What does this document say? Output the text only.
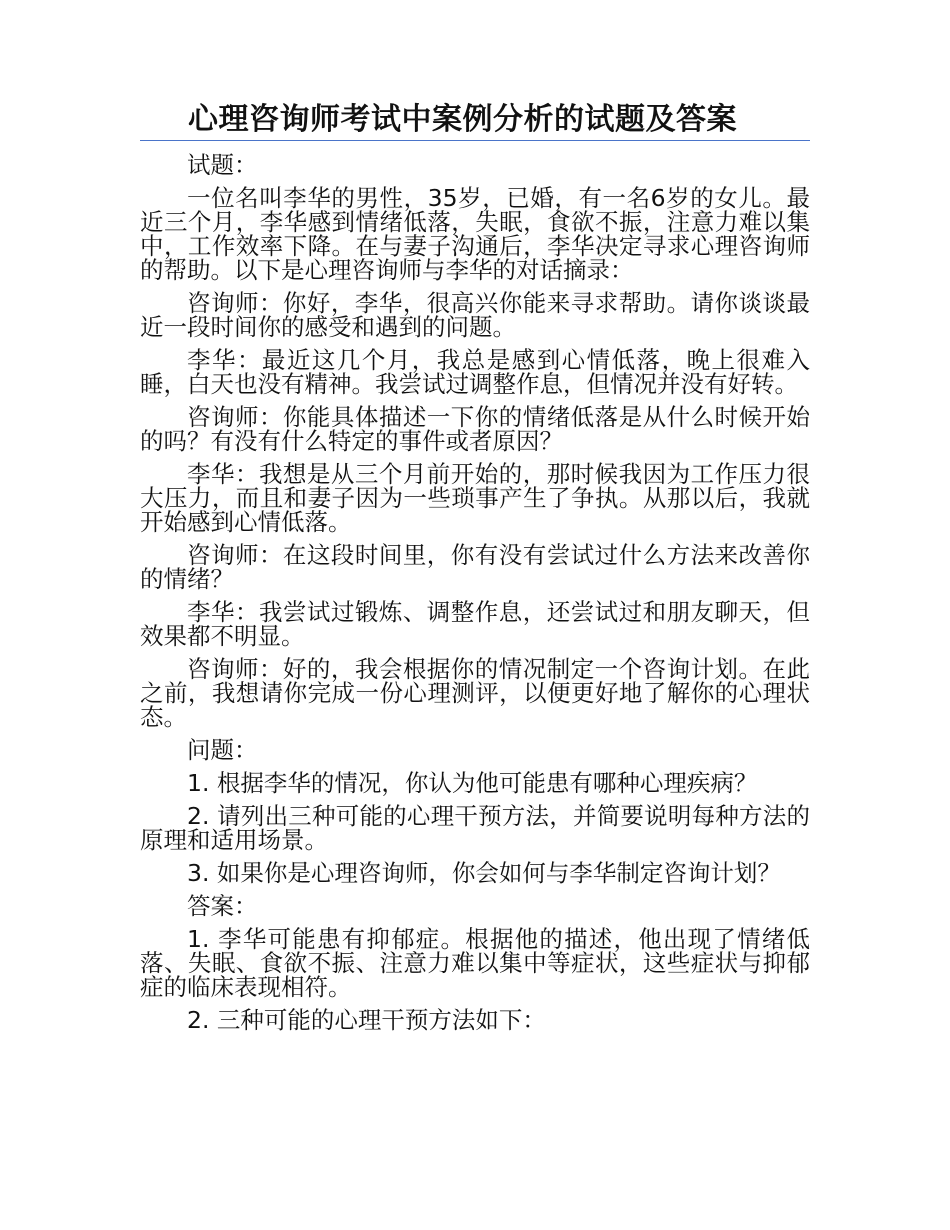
心理咨询师考试中案例分析的试题及答案

试题：

一位名叫李华的男性，35岁，已婚，有一名6岁的女儿。最近三个月，李华感到情绪低落，失眠，食欲不振，注意力难以集中，工作效率下降。在与妻子沟通后，李华决定寻求心理咨询师的帮助。以下是心理咨询师与李华的对话摘录：

咨询师：你好，李华，很高兴你能来寻求帮助。请你谈谈最近一段时间你的感受和遇到的问题。

李华：最近这几个月，我总是感到心情低落，晚上很难入睡，白天也没有精神。我尝试过调整作息，但情况并没有好转。

咨询师：你能具体描述一下你的情绪低落是从什么时候开始的吗？有没有什么特定的事件或者原因？

李华：我想是从三个月前开始的，那时候我因为工作压力很大压力，而且和妻子因为一些琐事产生了争执。从那以后，我就开始感到心情低落。

咨询师：在这段时间里，你有没有尝试过什么方法来改善你的情绪？

李华：我尝试过锻炼、调整作息，还尝试过和朋友聊天，但效果都不明显。

咨询师：好的，我会根据你的情况制定一个咨询计划。在此之前，我想请你完成一份心理测评，以便更好地了解你的心理状态。

问题：

1. 根据李华的情况，你认为他可能患有哪种心理疾病？

2. 请列出三种可能的心理干预方法，并简要说明每种方法的原理和适用场景。

3. 如果你是心理咨询师，你会如何与李华制定咨询计划？

答案：

1. 李华可能患有抑郁症。根据他的描述，他出现了情绪低落、失眠、食欲不振、注意力难以集中等症状，这些症状与抑郁症的临床表现相符。

2. 三种可能的心理干预方法如下：
